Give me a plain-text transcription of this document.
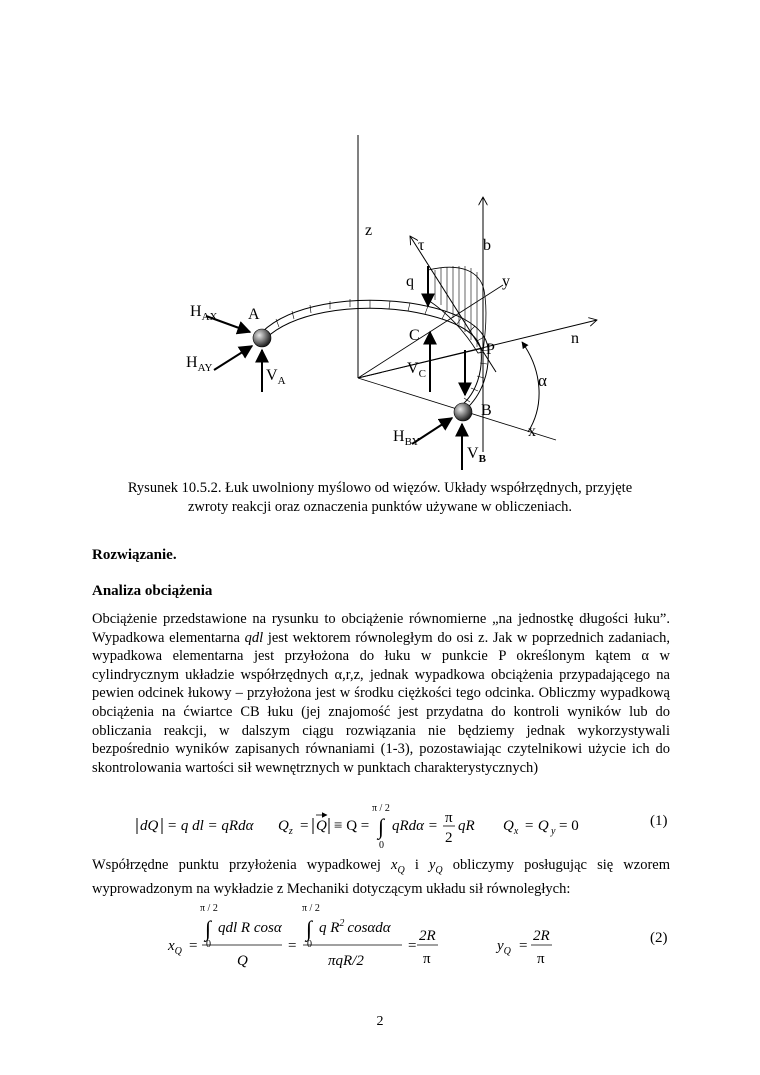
z
τ	b
q	y
n
P
C
α
B
x
A
$H_{AX}$
$H_{AY}$	$V_A$
$V_C$
$H_{BY}$
$V_B$
Rysunek 10.5.2. Łuk uwolniony myślowo od więzów. Układy współrzędnych, przyjęte
zwroty reakcji oraz oznaczenia punktów używane w obliczeniach.
Rozwiązanie.
Analiza obciążenia
Obciążenie przedstawione na rysunku to obciążenie równomierne „na jednostkę długości łuku”. Wypadkowa elementarna qdl jest wektorem równoległym do osi z. Jak w poprzednich zadaniach, wypadkowa elementarna jest przyłożona do łuku w punkcie P określonym kątem α w cylindrycznym układzie współrzędnych α,r,z, jednak wypadkowa obciążenia przypadającego na pewien odcinek łukowy – przyłożona jest w środku ciężkości tego odcinka. Obliczmy wypadkową obciążenia na ćwiartce CB łuku (jej znajomość jest przydatna do kontroli wyników lub do obliczania reakcji, w dalszym ciągu rozwiązania nie będziemy jednak wykorzystywali bezpośrednio wyników zapisanych równaniami (1-3), pozostawiając czytelnikowi użycie ich do skontrolowania wartości sił wewnętrznych w punktach charakterystycznych)
dQ = q dl = qRdα $Q_z = Q \equiv Q$ = ∫
π / 2
0
qRdα = π
2
qR $Q_x = Q$ y = 0	(1)
Współrzędne punktu przyłożenia wypadkowej $x_Q$ i $y_Q$ obliczymy posługując się wzorem wyprowadzonym na wykładzie z Mechaniki dotyczącym układu sił równoległych:
$x_Q$ =
π / 2
∫ qdl R cosα
0
Q
=
π / 2
∫ q $R^2$ cosαdα
0
πqR/2
=
2R
π
$y_Q$ =
2R
π
(2)
2
